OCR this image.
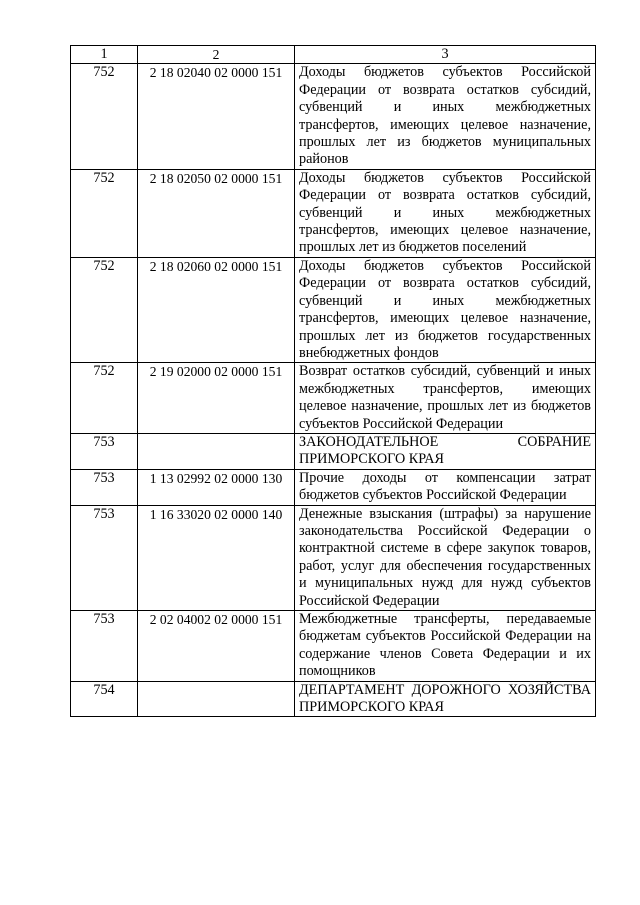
1	2	3
752	2 18 02040 02 0000 151	Доходы бюджетов субъектов Российской Федерации от возврата остатков субсидий, субвенций и иных межбюджетных трансфертов, имеющих целевое назначение, прошлых лет из бюджетов муниципальных районов
752	2 18 02050 02 0000 151	Доходы бюджетов субъектов Российской Федерации от возврата остатков субсидий, субвенций и иных межбюджетных трансфертов, имеющих целевое назначение, прошлых лет из бюджетов поселений
752	2 18 02060 02 0000 151	Доходы бюджетов субъектов Российской Федерации от возврата остатков субсидий, субвенций и иных межбюджетных трансфертов, имеющих целевое назначение, прошлых лет из бюджетов государственных внебюджетных фондов
752	2 19 02000 02 0000 151	Возврат остатков субсидий, субвенций и иных межбюджетных трансфертов, имеющих целевое назначение, прошлых лет из бюджетов субъектов Российской Федерации
753		ЗАКОНОДАТЕЛЬНОЕ СОБРАНИЕ ПРИМОРСКОГО КРАЯ
753	1 13 02992 02 0000 130	Прочие доходы от компенсации затрат бюджетов субъектов Российской Федерации
753	1 16 33020 02 0000 140	Денежные взыскания (штрафы) за нарушение законодательства Российской Федерации о контрактной системе в сфере закупок товаров, работ, услуг для обеспечения государственных и муниципальных нужд для нужд субъектов Российской Федерации
753	2 02 04002 02 0000 151	Межбюджетные трансферты, передаваемые бюджетам субъектов Российской Федерации на содержание членов Совета Федерации и их помощников
754		ДЕПАРТАМЕНТ ДОРОЖНОГО ХОЗЯЙСТВА ПРИМОРСКОГО КРАЯ
